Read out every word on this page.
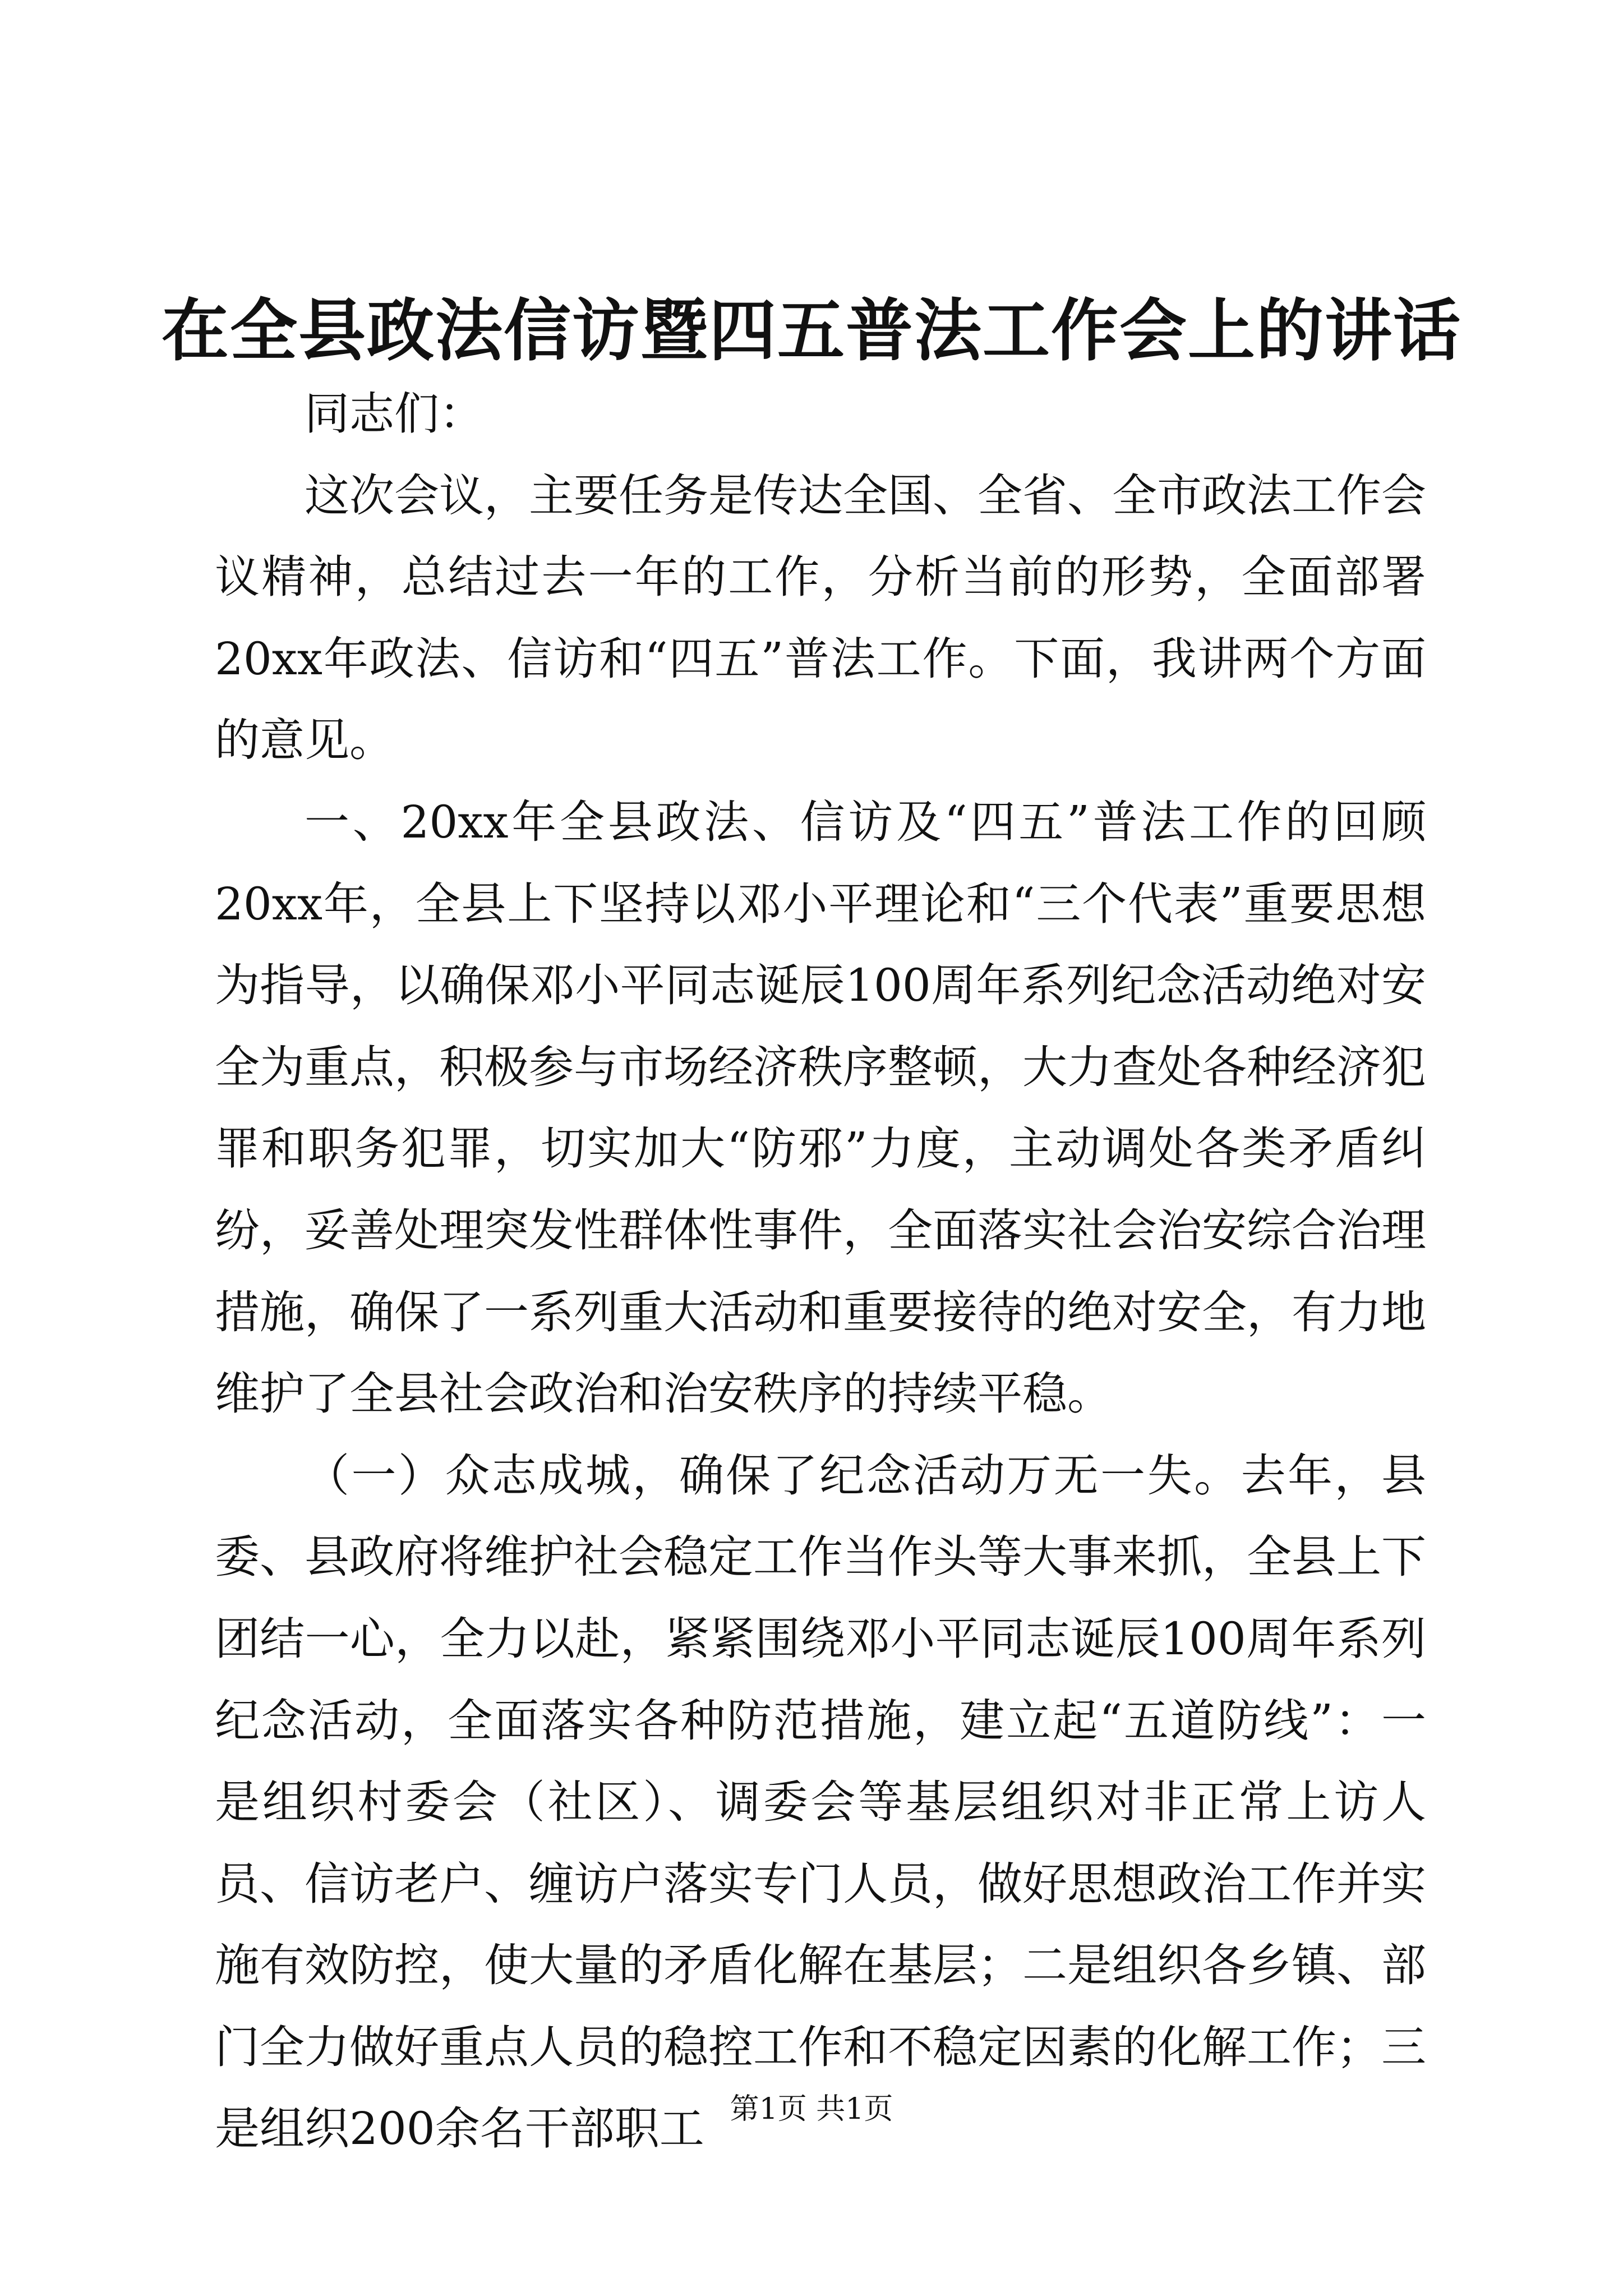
在全县政法信访暨四五普法工作会上的讲话

同志们：

这次会议，主要任务是传达全国、全省、全市政法工作会议精神，总结过去一年的工作，分析当前的形势，全面部署20xx年政法、信访和“四五”普法工作。下面，我讲两个方面的意见。

一、20xx年全县政法、信访及“四五”普法工作的回顾20xx年，全县上下坚持以邓小平理论和“三个代表”重要思想为指导，以确保邓小平同志诞辰100周年系列纪念活动绝对安全为重点，积极参与市场经济秩序整顿，大力查处各种经济犯罪和职务犯罪，切实加大“防邪”力度，主动调处各类矛盾纠纷，妥善处理突发性群体性事件，全面落实社会治安综合治理措施，确保了一系列重大活动和重要接待的绝对安全，有力地维护了全县社会政治和治安秩序的持续平稳。

（一）众志成城，确保了纪念活动万无一失。去年，县委、县政府将维护社会稳定工作当作头等大事来抓，全县上下团结一心，全力以赴，紧紧围绕邓小平同志诞辰100周年系列纪念活动，全面落实各种防范措施，建立起“五道防线”：一是组织村委会（社区）、调委会等基层组织对非正常上访人员、信访老户、缠访户落实专门人员，做好思想政治工作并实施有效防控，使大量的矛盾化解在基层；二是组织各乡镇、部门全力做好重点人员的稳控工作和不稳定因素的化解工作；三是组织200余名干部职工 第1页 共1页
